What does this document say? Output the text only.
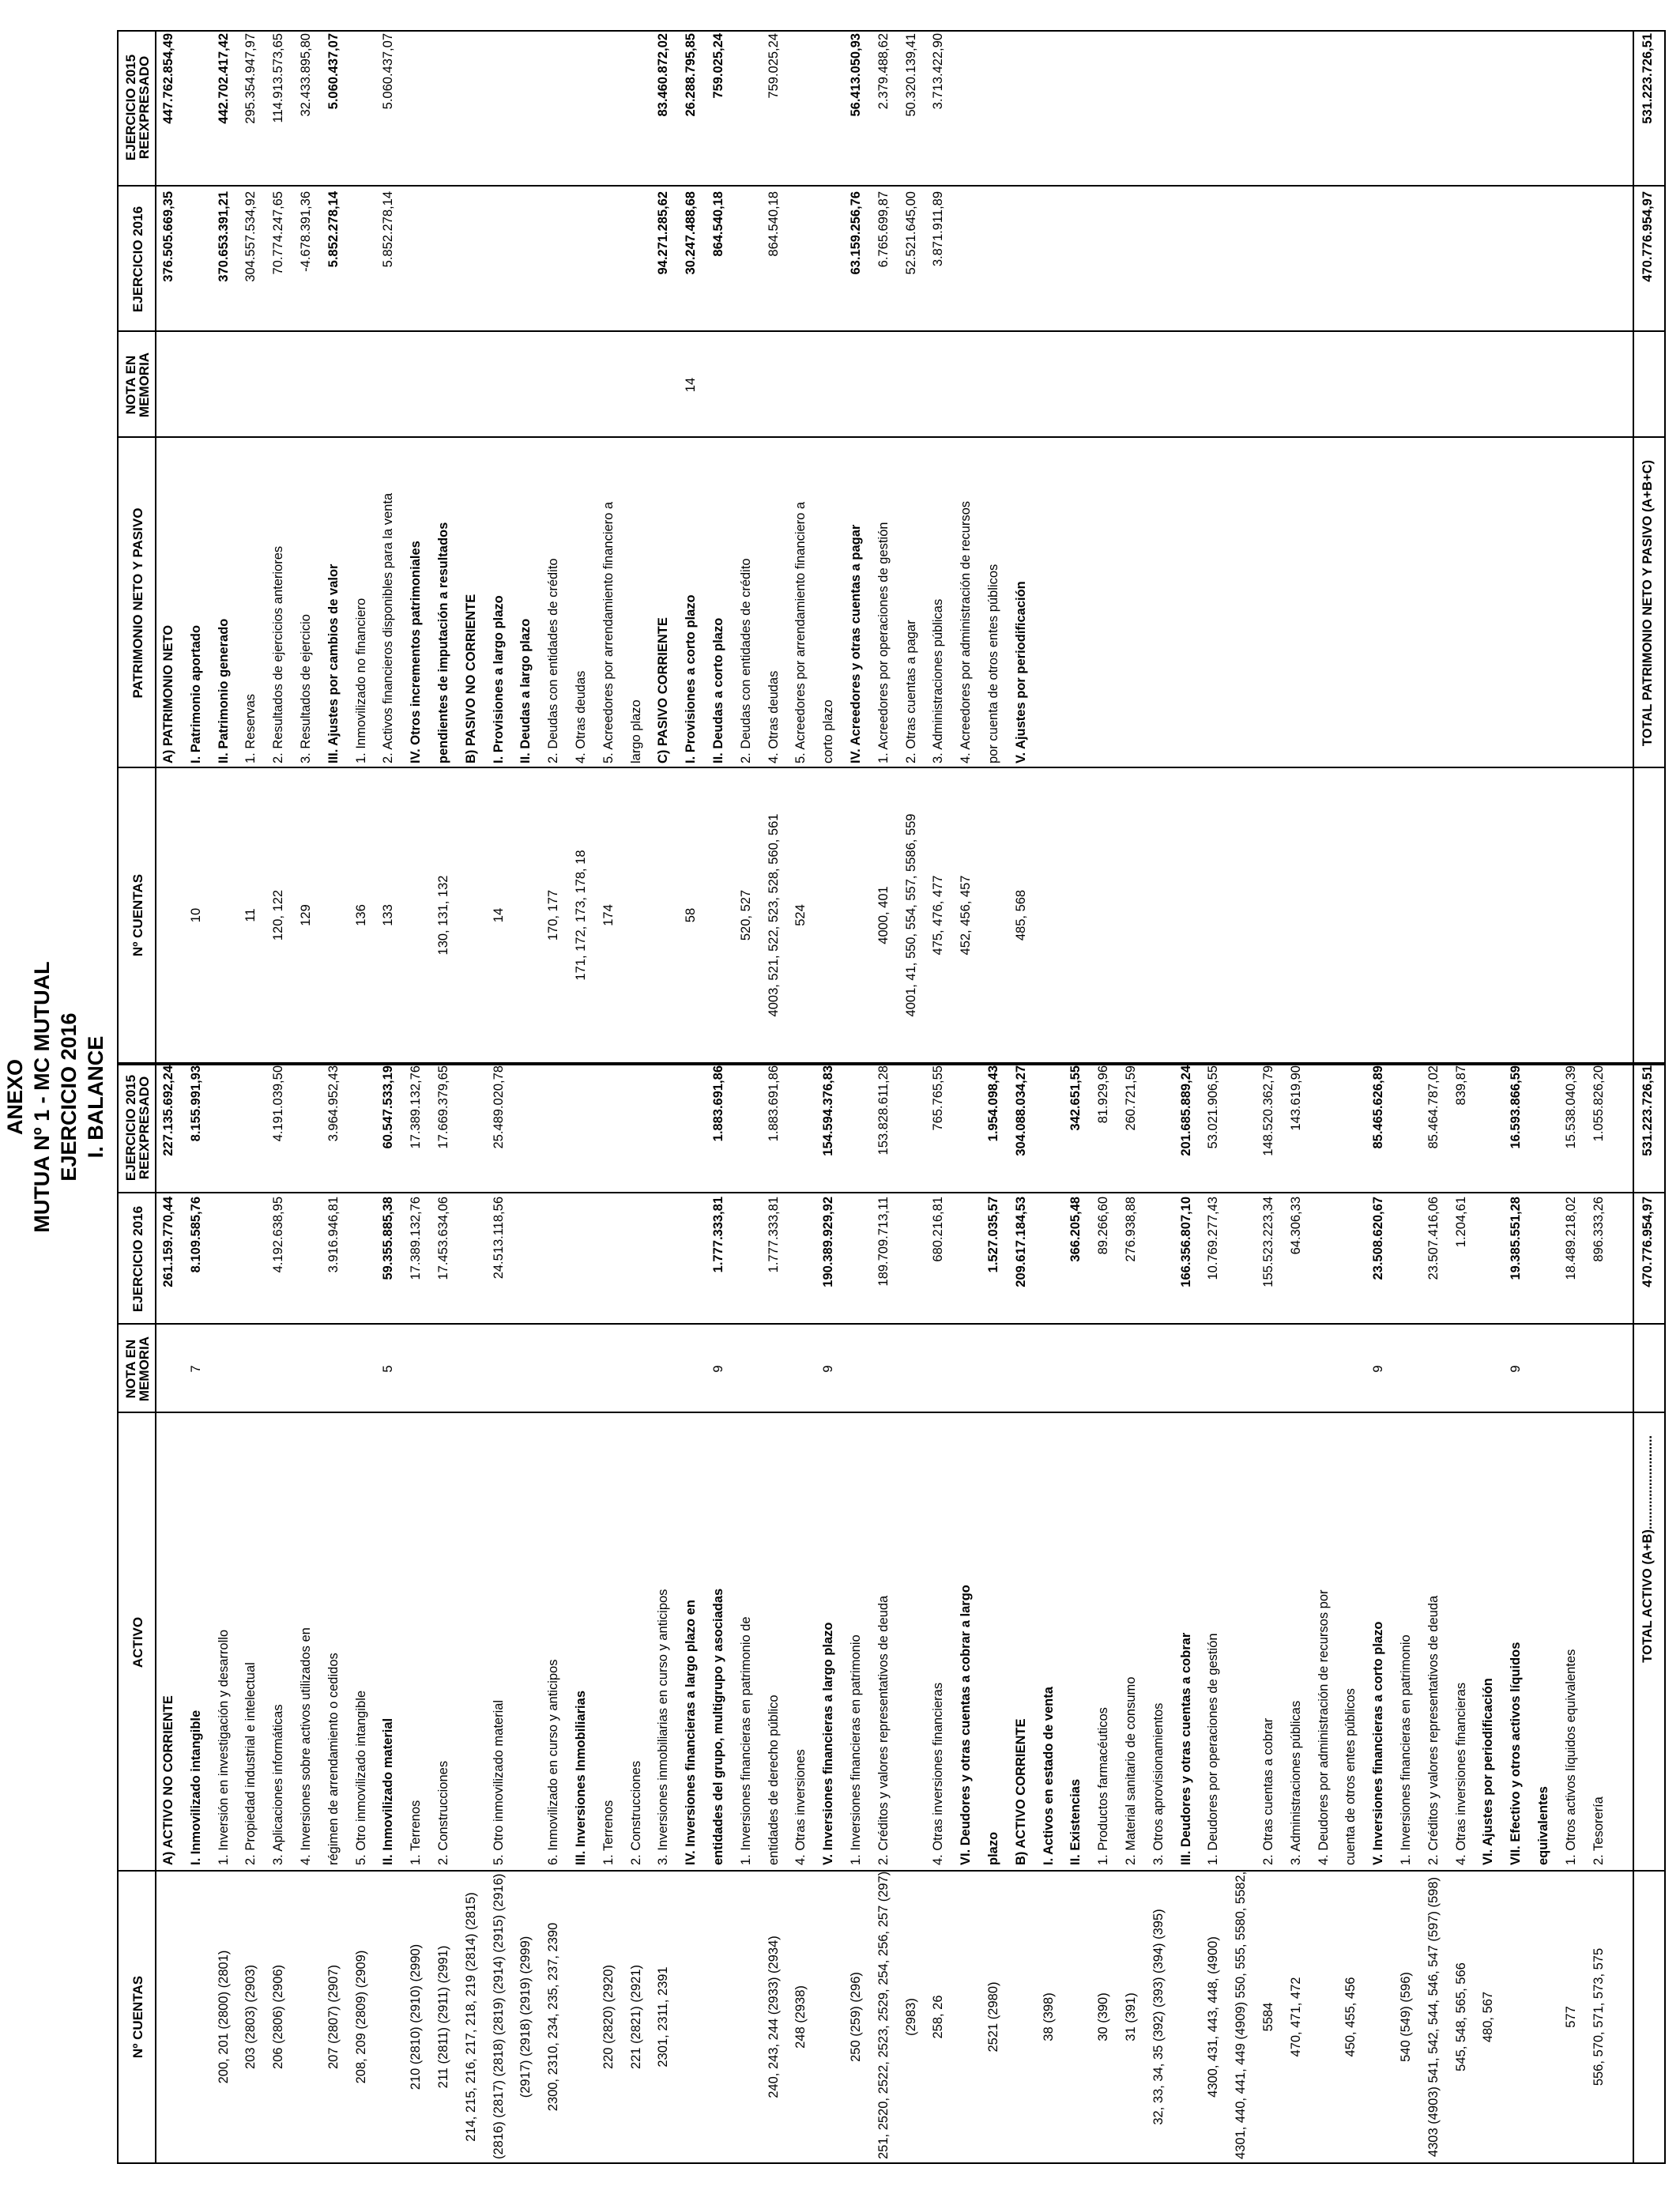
ANEXO MUTUA Nº 1 - MC MUTUAL EJERCICIO 2016 I. BALANCE
Nº CUENTAS
ACTIVO
NOTA EN
MEMORIA
EJERCICIO 2016
EJERCICIO 2015
REEXPRESADO
A) ACTIVO NO CORRIENTE
261.159.770,44
227.135.692,24
I. Inmovilizado intangible
7
8.109.585,76
8.155.991,93
200, 201 (2800) (2801)
1. Inversión en investigación y desarrollo
203 (2803) (2903)
2. Propiedad industrial e intelectual
206 (2806) (2906)
3. Aplicaciones informáticas
4.192.638,95
4.191.039,50
4. Inversiones sobre activos utilizados en
207 (2807) (2907)
régimen de arrendamiento o cedidos
3.916.946,81
3.964.952,43
208, 209 (2809) (2909)
5. Otro inmovilizado intangible II. Inmovilizado material
5
59.355.885,38
60.547.533,19
210 (2810) (2910) (2990)
1. Terrenos
17.389.132,76
17.389.132,76
211 (2811) (2911) (2991)
2. Construcciones
17.453.634,06
17.669.379,65
214, 215, 216, 217, 218, 219 (2814) (2815) (2816) (2817) (2818) (2819) (2914) (2915) (2916)
5. Otro inmovilizado material
24.513.118,56
25.489.020,78
(2917) (2918) (2919) (2999) 2300, 2310, 234, 235, 237, 2390
6. Inmovilizado en curso y anticipos III. Inversiones Inmobiliarias
220 (2820) (2920)
1. Terrenos
221 (2821) (2921)
2. Construcciones
2301, 2311, 2391
3. Inversiones inmobiliarias en curso y anticipos IV. Inversiones financieras a largo plazo en entidades del grupo, multigrupo y asociadas
9
1.777.333,81
1.883.691,86
1. Inversiones financieras en patrimonio de
240, 243, 244 (2933) (2934)
entidades de derecho público
1.777.333,81
1.883.691,86
248 (2938)
4. Otras inversiones V. Inversiones financieras a largo plazo
9
190.389.929,92
154.594.376,83
250 (259) (296)
1. Inversiones financieras en patrimonio
251, 2520, 2522, 2523, 2529, 254, 256, 257 (297)
2. Créditos y valores representativos de deuda
189.709.713,11
153.828.611,28
(2983) 258, 26
4. Otras inversiones financieras
680.216,81
765.765,55
VI. Deudores y otras cuentas a cobrar a largo
2521 (2980)
plazo
1.527.035,57
1.954.098,43
B) ACTIVO CORRIENTE
209.617.184,53
304.088.034,27
38 (398)
I. Activos en estado de venta II. Existencias
366.205,48
342.651,55
30 (390)
1. Productos farmacéuticos
89.266,60
81.929,96
31 (391)
2. Material sanitario de consumo
276.938,88
260.721,59
32, 33, 34, 35 (392) (393) (394) (395)
3. Otros aprovisionamientos III. Deudores y otras cuentas a cobrar
166.356.807,10
201.685.889,24
4300, 431, 443, 448, (4900)
1. Deudores por operaciones de gestión
10.769.277,43
53.021.906,55
4301, 440, 441, 449 (4909) 550, 555, 5580, 5582, 5584
2. Otras cuentas a cobrar
155.523.223,34
148.520.362,79
470, 471, 472
3. Administraciones públicas
64.306,33
143.619,90
4. Deudores por administración de recursos por
450, 455, 456
cuenta de otros entes públicos V. Inversiones financieras a corto plazo
9
23.508.620,67
85.465.626,89
540 (549) (596)
1. Inversiones financieras en patrimonio
4303 (4903) 541, 542, 544, 546, 547 (597) (598)
2. Créditos y valores representativos de deuda
23.507.416,06
85.464.787,02
545, 548, 565, 566
4. Otras inversiones financieras
1.204,61
839,87
480, 567
VI. Ajustes por periodificación VII. Efectivo y otros activos líquidos
9
19.385.551,28
16.593.866,59
equivalentes
577
1. Otros activos líquidos equivalentes
18.489.218,02
15.538.040,39
556, 570, 571, 573, 575
2. Tesorería
896.333,26
1.055.826,20
TOTAL ACTIVO (A+B)..........................
470.776.954,97
531.223.726,51
Nº CUENTAS
PATRIMONIO NETO Y PASIVO
NOTA EN
MEMORIA
EJERCICIO 2016
EJERCICIO 2015
REEXPRESADO
A) PATRIMONIO NETO
376.505.669,35
447.762.854,49
10
I. Patrimonio aportado II. Patrimonio generado
370.653.391,21
442.702.417,42
11
1. Reservas
304.557.534,92
295.354.947,97
120, 122
2. Resultados de ejercicios anteriores
70.774.247,65
114.913.573,65
129
3. Resultados de ejercicio
-4.678.391,36
32.433.895,80
III. Ajustes por cambios de valor
5.852.278,14
5.060.437,07
136
1. Inmovilizado no financiero
133
2. Activos financieros disponibles para la venta
5.852.278,14
5.060.437,07
IV. Otros incrementos patrimoniales
130, 131, 132
pendientes de imputación a resultados B) PASIVO NO CORRIENTE
14
I. Provisiones a largo plazo II. Deudas a largo plazo
170, 177
2. Deudas con entidades de crédito
171, 172, 173, 178, 18
4. Otras deudas
174
5. Acreedores por arrendamiento financiero a largo plazo C) PASIVO CORRIENTE
94.271.285,62
83.460.872,02
58
I. Provisiones a corto plazo
14
30.247.488,68
26.288.795,85
II. Deudas a corto plazo
864.540,18
759.025,24
520, 527
2. Deudas con entidades de crédito
4003, 521, 522, 523, 528, 560, 561
4. Otras deudas
864.540,18
759.025,24
524
5. Acreedores por arrendamiento financiero a corto plazo IV. Acreedores y otras cuentas a pagar
63.159.256,76
56.413.050,93
4000, 401
1. Acreedores por operaciones de gestión
6.765.699,87
2.379.488,62
4001, 41, 550, 554, 557, 5586, 559
2. Otras cuentas a pagar
52.521.645,00
50.320.139,41
475, 476, 477
3. Administraciones públicas
3.871.911,89
3.713.422,90
452, 456, 457
4. Acreedores por administración de recursos por cuenta de otros entes públicos
485, 568
V. Ajustes por periodificación	TOTAL PATRIMONIO NETO Y PASIVO (A+B+C)
470.776.954,97
531.223.726,51
